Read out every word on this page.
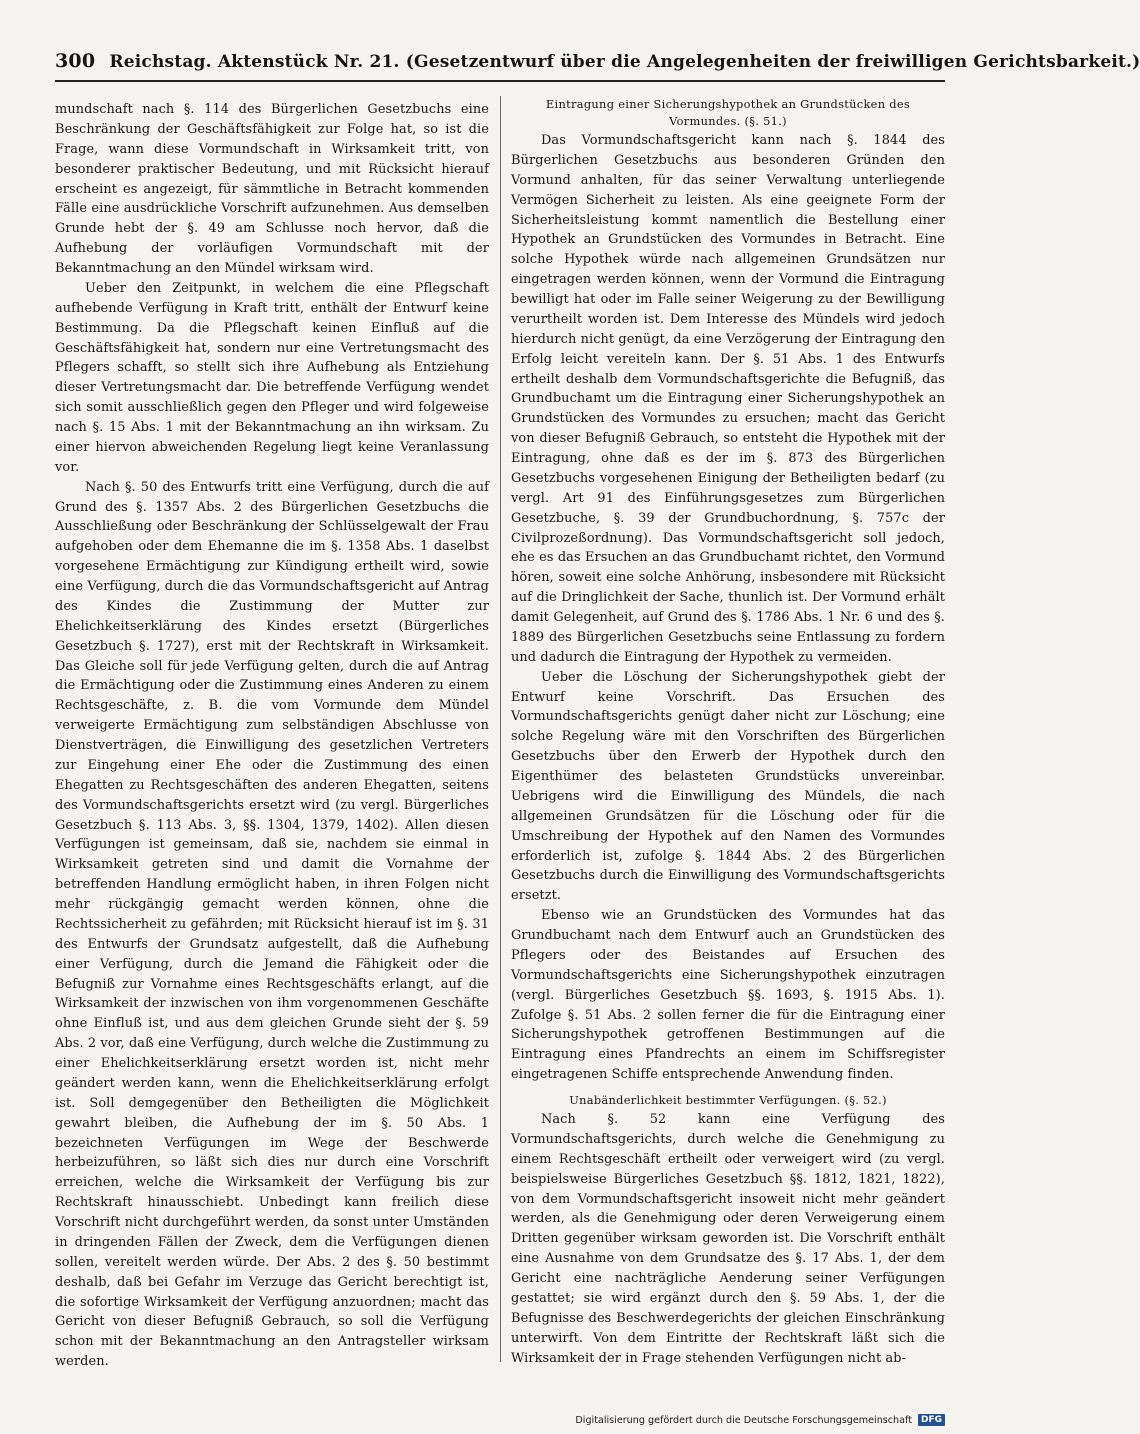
300 Reichstag. Aktenstück Nr. 21. (Gesetzentwurf über die Angelegenheiten der freiwilligen Gerichtsbarkeit.)

mundschaft nach §. 114 des Bürgerlichen Gesetzbuchs eine Beschränkung der Geschäftsfähigkeit zur Folge hat, so ist die Frage, wann diese Vormundschaft in Wirksamkeit tritt, von besonderer praktischer Bedeutung, und mit Rücksicht hierauf erscheint es angezeigt, für sämmtliche in Betracht kommenden Fälle eine ausdrückliche Vorschrift aufzunehmen. Aus demselben Grunde hebt der §. 49 am Schlusse noch hervor, daß die Aufhebung der vorläufigen Vormundschaft mit der Bekanntmachung an den Mündel wirksam wird.

Ueber den Zeitpunkt, in welchem die eine Pflegschaft aufhebende Verfügung in Kraft tritt, enthält der Entwurf keine Bestimmung. Da die Pflegschaft keinen Einfluß auf die Geschäftsfähigkeit hat, sondern nur eine Vertretungsmacht des Pflegers schafft, so stellt sich ihre Aufhebung als Entziehung dieser Vertretungsmacht dar. Die betreffende Verfügung wendet sich somit ausschließlich gegen den Pfleger und wird folgeweise nach §. 15 Abs. 1 mit der Bekanntmachung an ihn wirksam. Zu einer hiervon abweichenden Regelung liegt keine Veranlassung vor.

Nach §. 50 des Entwurfs tritt eine Verfügung, durch die auf Grund des §. 1357 Abs. 2 des Bürgerlichen Gesetzbuchs die Ausschließung oder Beschränkung der Schlüsselgewalt der Frau aufgehoben oder dem Ehemanne die im §. 1358 Abs. 1 daselbst vorgesehene Ermächtigung zur Kündigung ertheilt wird, sowie eine Verfügung, durch die das Vormundschaftsgericht auf Antrag des Kindes die Zustimmung der Mutter zur Ehelichkeitserklärung des Kindes ersetzt (Bürgerliches Gesetzbuch §. 1727), erst mit der Rechtskraft in Wirksamkeit. Das Gleiche soll für jede Verfügung gelten, durch die auf Antrag die Ermächtigung oder die Zustimmung eines Anderen zu einem Rechtsgeschäfte, z. B. die vom Vormunde dem Mündel verweigerte Ermächtigung zum selbständigen Abschlusse von Dienstverträgen, die Einwilligung des gesetzlichen Vertreters zur Eingehung einer Ehe oder die Zustimmung des einen Ehegatten zu Rechtsgeschäften des anderen Ehegatten, seitens des Vormundschaftsgerichts ersetzt wird (zu vergl. Bürgerliches Gesetzbuch §. 113 Abs. 3, §§. 1304, 1379, 1402). Allen diesen Verfügungen ist gemeinsam, daß sie, nachdem sie einmal in Wirksamkeit getreten sind und damit die Vornahme der betreffenden Handlung ermöglicht haben, in ihren Folgen nicht mehr rückgängig gemacht werden können, ohne die Rechtssicherheit zu gefährden; mit Rücksicht hierauf ist im §. 31 des Entwurfs der Grundsatz aufgestellt, daß die Aufhebung einer Verfügung, durch die Jemand die Fähigkeit oder die Befugniß zur Vornahme eines Rechtsgeschäfts erlangt, auf die Wirksamkeit der inzwischen von ihm vorgenommenen Geschäfte ohne Einfluß ist, und aus dem gleichen Grunde sieht der §. 59 Abs. 2 vor, daß eine Verfügung, durch welche die Zustimmung zu einer Ehelichkeitserklärung ersetzt worden ist, nicht mehr geändert werden kann, wenn die Ehelichkeitserklärung erfolgt ist. Soll demgegenüber den Betheiligten die Möglichkeit gewahrt bleiben, die Aufhebung der im §. 50 Abs. 1 bezeichneten Verfügungen im Wege der Beschwerde herbeizuführen, so läßt sich dies nur durch eine Vorschrift erreichen, welche die Wirksamkeit der Verfügung bis zur Rechtskraft hinausschiebt. Unbedingt kann freilich diese Vorschrift nicht durchgeführt werden, da sonst unter Umständen in dringenden Fällen der Zweck, dem die Verfügungen dienen sollen, vereitelt werden würde. Der Abs. 2 des §. 50 bestimmt deshalb, daß bei Gefahr im Verzuge das Gericht berechtigt ist, die sofortige Wirksamkeit der Verfügung anzuordnen; macht das Gericht von dieser Befugniß Gebrauch, so soll die Verfügung schon mit der Bekanntmachung an den Antragsteller wirksam werden.

Eintragung einer Sicherungshypothek an Grundstücken des Vormundes. (§. 51.)

Das Vormundschaftsgericht kann nach §. 1844 des Bürgerlichen Gesetzbuchs aus besonderen Gründen den Vormund anhalten, für das seiner Verwaltung unterliegende Vermögen Sicherheit zu leisten. Als eine geeignete Form der Sicherheitsleistung kommt namentlich die Bestellung einer Hypothek an Grundstücken des Vormundes in Betracht. Eine solche Hypothek würde nach allgemeinen Grundsätzen nur eingetragen werden können, wenn der Vormund die Eintragung bewilligt hat oder im Falle seiner Weigerung zu der Bewilligung verurtheilt worden ist. Dem Interesse des Mündels wird jedoch hierdurch nicht genügt, da eine Verzögerung der Eintragung den Erfolg leicht vereiteln kann. Der §. 51 Abs. 1 des Entwurfs ertheilt deshalb dem Vormundschaftsgerichte die Befugniß, das Grundbuchamt um die Eintragung einer Sicherungshypothek an Grundstücken des Vormundes zu ersuchen; macht das Gericht von dieser Befugniß Gebrauch, so entsteht die Hypothek mit der Eintragung, ohne daß es der im §. 873 des Bürgerlichen Gesetzbuchs vorgesehenen Einigung der Betheiligten bedarf (zu vergl. Art 91 des Einführungsgesetzes zum Bürgerlichen Gesetzbuche, §. 39 der Grundbuchordnung, §. 757c der Civilprozeßordnung). Das Vormundschaftsgericht soll jedoch, ehe es das Ersuchen an das Grundbuchamt richtet, den Vormund hören, soweit eine solche Anhörung, insbesondere mit Rücksicht auf die Dringlichkeit der Sache, thunlich ist. Der Vormund erhält damit Gelegenheit, auf Grund des §. 1786 Abs. 1 Nr. 6 und des §. 1889 des Bürgerlichen Gesetzbuchs seine Entlassung zu fordern und dadurch die Eintragung der Hypothek zu vermeiden.

Ueber die Löschung der Sicherungshypothek giebt der Entwurf keine Vorschrift. Das Ersuchen des Vormundschaftsgerichts genügt daher nicht zur Löschung; eine solche Regelung wäre mit den Vorschriften des Bürgerlichen Gesetzbuchs über den Erwerb der Hypothek durch den Eigenthümer des belasteten Grundstücks unvereinbar. Uebrigens wird die Einwilligung des Mündels, die nach allgemeinen Grundsätzen für die Löschung oder für die Umschreibung der Hypothek auf den Namen des Vormundes erforderlich ist, zufolge §. 1844 Abs. 2 des Bürgerlichen Gesetzbuchs durch die Einwilligung des Vormundschaftsgerichts ersetzt.

Ebenso wie an Grundstücken des Vormundes hat das Grundbuchamt nach dem Entwurf auch an Grundstücken des Pflegers oder des Beistandes auf Ersuchen des Vormundschaftsgerichts eine Sicherungshypothek einzutragen (vergl. Bürgerliches Gesetzbuch §§. 1693, §. 1915 Abs. 1). Zufolge §. 51 Abs. 2 sollen ferner die für die Eintragung einer Sicherungshypothek getroffenen Bestimmungen auf die Eintragung eines Pfandrechts an einem im Schiffsregister eingetragenen Schiffe entsprechende Anwendung finden.

Unabänderlichkeit bestimmter Verfügungen. (§. 52.)

Nach §. 52 kann eine Verfügung des Vormundschaftsgerichts, durch welche die Genehmigung zu einem Rechtsgeschäft ertheilt oder verweigert wird (zu vergl. beispielsweise Bürgerliches Gesetzbuch §§. 1812, 1821, 1822), von dem Vormundschaftsgericht insoweit nicht mehr geändert werden, als die Genehmigung oder deren Verweigerung einem Dritten gegenüber wirksam geworden ist. Die Vorschrift enthält eine Ausnahme von dem Grundsatze des §. 17 Abs. 1, der dem Gericht eine nachträgliche Aenderung seiner Verfügungen gestattet; sie wird ergänzt durch den §. 59 Abs. 1, der die Befugnisse des Beschwerdegerichts der gleichen Einschränkung unterwirft. Von dem Eintritte der Rechtskraft läßt sich die Wirksamkeit der in Frage stehenden Verfügungen nicht ab-

Digitalisierung gefördert durch die Deutsche Forschungsgemeinschaft	DFG
